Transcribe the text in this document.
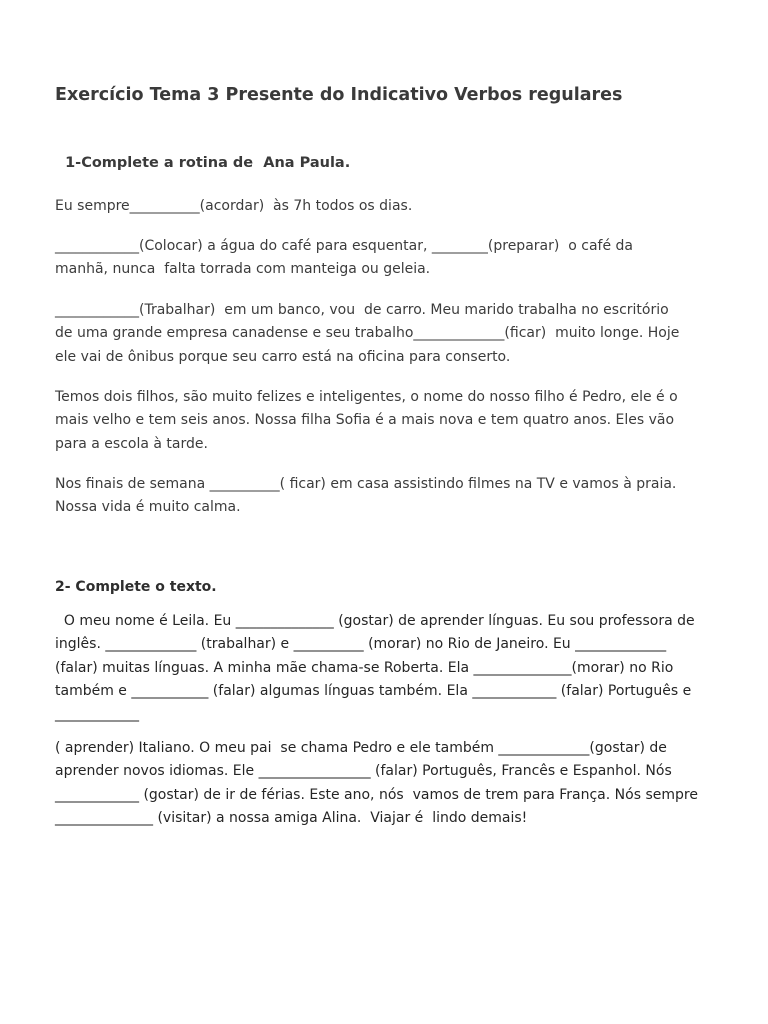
Exercício Tema 3 Presente do Indicativo Verbos regulares
1-Complete a rotina de  Ana Paula.

Eu sempre__________(acordar)  às 7h todos os dias.

____________(Colocar) a água do café para esquentar, ________(preparar)  o café da
manhã, nunca  falta torrada com manteiga ou geleia.

____________(Trabalhar)  em um banco, vou  de carro. Meu marido trabalha no escritório
de uma grande empresa canadense e seu trabalho_____________(ficar)  muito longe. Hoje
ele vai de ônibus porque seu carro está na oficina para conserto.

Temos dois filhos, são muito felizes e inteligentes, o nome do nosso filho é Pedro, ele é o
mais velho e tem seis anos. Nossa filha Sofia é a mais nova e tem quatro anos. Eles vão
para a escola à tarde.

Nos finais de semana __________( ficar) em casa assistindo filmes na TV e vamos à praia.
Nossa vida é muito calma.

2- Complete o texto.

O meu nome é Leila. Eu ______________ (gostar) de aprender línguas. Eu sou professora de
inglês. _____________ (trabalhar) e __________ (morar) no Rio de Janeiro. Eu _____________
(falar) muitas línguas. A minha mãe chama-se Roberta. Ela ______________(morar) no Rio
também e ___________ (falar) algumas línguas também. Ela ____________ (falar) Português e
____________

( aprender) Italiano. O meu pai  se chama Pedro e ele também _____________(gostar) de
aprender novos idiomas. Ele ________________ (falar) Português, Francês e Espanhol. Nós
____________ (gostar) de ir de férias. Este ano, nós  vamos de trem para França. Nós sempre
______________ (visitar) a nossa amiga Alina.  Viajar é  lindo demais!
